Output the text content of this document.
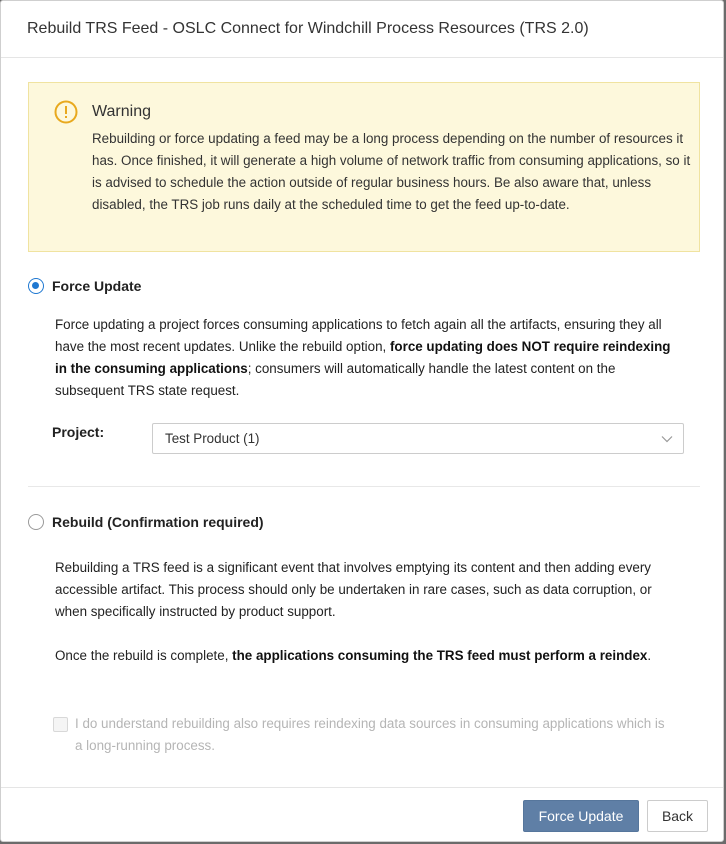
Rebuild TRS Feed - OSLC Connect for Windchill Process Resources (TRS 2.0)
Warning
Rebuilding or force updating a feed may be a long process depending on the number of resources it has. Once finished, it will generate a high volume of network traffic from consuming applications, so it is advised to schedule the action outside of regular business hours. Be also aware that, unless disabled, the TRS job runs daily at the scheduled time to get the feed up-to-date.
Force Update
Force updating a project forces consuming applications to fetch again all the artifacts, ensuring they all have the most recent updates. Unlike the rebuild option, force updating does NOT require reindexing in the consuming applications; consumers will automatically handle the latest content on the subsequent TRS state request.
Project:	Test Product (1)
Rebuild (Confirmation required)
Rebuilding a TRS feed is a significant event that involves emptying its content and then adding every accessible artifact. This process should only be undertaken in rare cases, such as data corruption, or when specifically instructed by product support.
Once the rebuild is complete, the applications consuming the TRS feed must perform a reindex.
I do understand rebuilding also requires reindexing data sources in consuming applications which is a long-running process.
Force Update	Back
